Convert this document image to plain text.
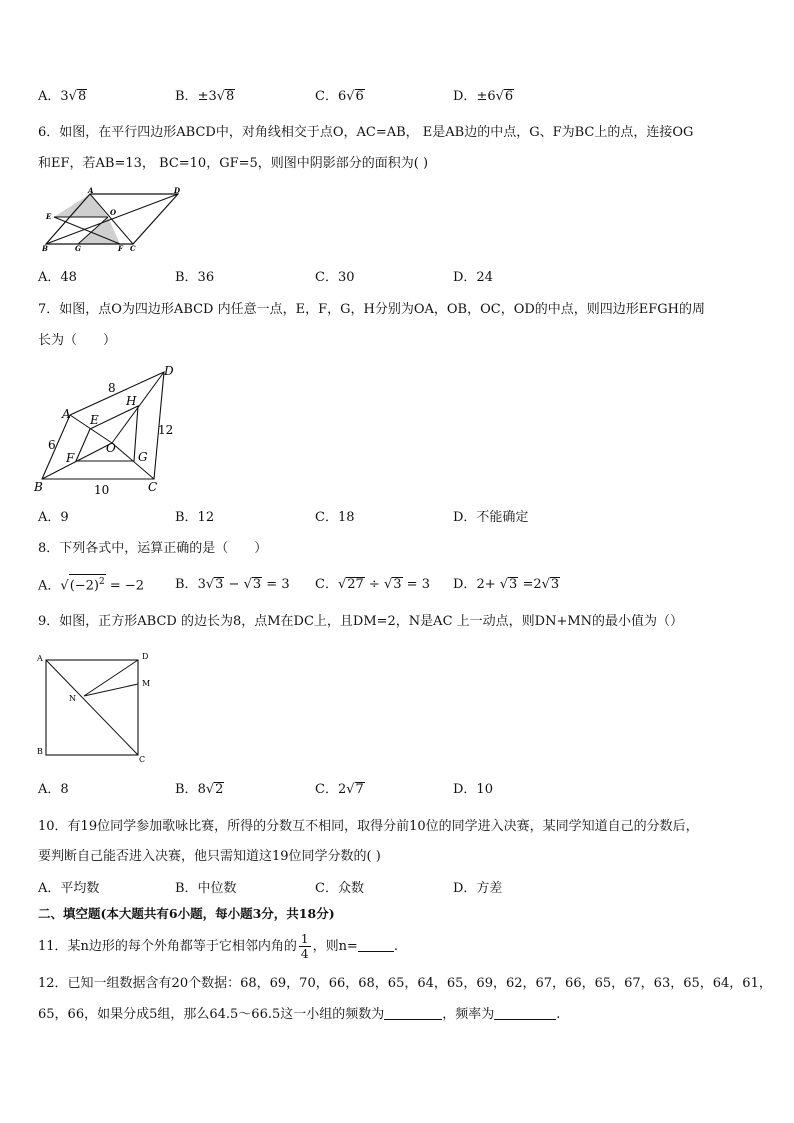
A．3√8	B．±3√8	C．6√6	D．±6√6
6．如图，在平行四边形ABCD中，对角线相交于点O，AC=AB， E是AB边的中点，G、F为BC上的点，连接OG
和EF，若AB=13， BC=10，GF=5，则图中阴影部分的面积为( )
A	D
E	O
B	G	F C
A．48	B．36	C．30	D．24
7．如图，点O为四边形ABCD 内任意一点，E，F，G，H分别为OA，OB，OC，OD的中点，则四边形EFGH的周
长为（　　）
D
A E
H
O
F	G
B	C
8
6
10
12
A．9	B．12	C．18	D．不能确定
8．下列各式中，运算正确的是（　　）
A．$√(-2)^2 = -2$ B．3√3 − √3 = 3 C．√27 ÷ √3 = 3 D．2+ √3 =2√3
9．如图，正方形ABCD 的边长为8，点M在DC上，且DM=2，N是AC 上一动点，则DN+MN的最小值为（）
A	D
M
N
B
C
A．8	B．8√2	C．2√7	D．10
10．有19位同学参加歌咏比赛，所得的分数互不相同，取得分前10位的同学进入决赛，某同学知道自己的分数后，
要判断自己能否进入决赛，他只需知道这19位同学分数的( )
A．平均数	B．中位数	C．众数	D．方差
二、填空题(本大题共有6小题，每小题3分，共18分)
11．某n边形的每个外角都等于它相邻内角的 $\frac{1}{4}$ ，则n=	.
12．已知一组数据含有20个数据：68，69，70，66，68，65，64，65，69，62，67，66，65，67，63，65，64，61，
65，66，如果分成5组，那么64.5～66.5这一小组的频数为	，频率为	.
